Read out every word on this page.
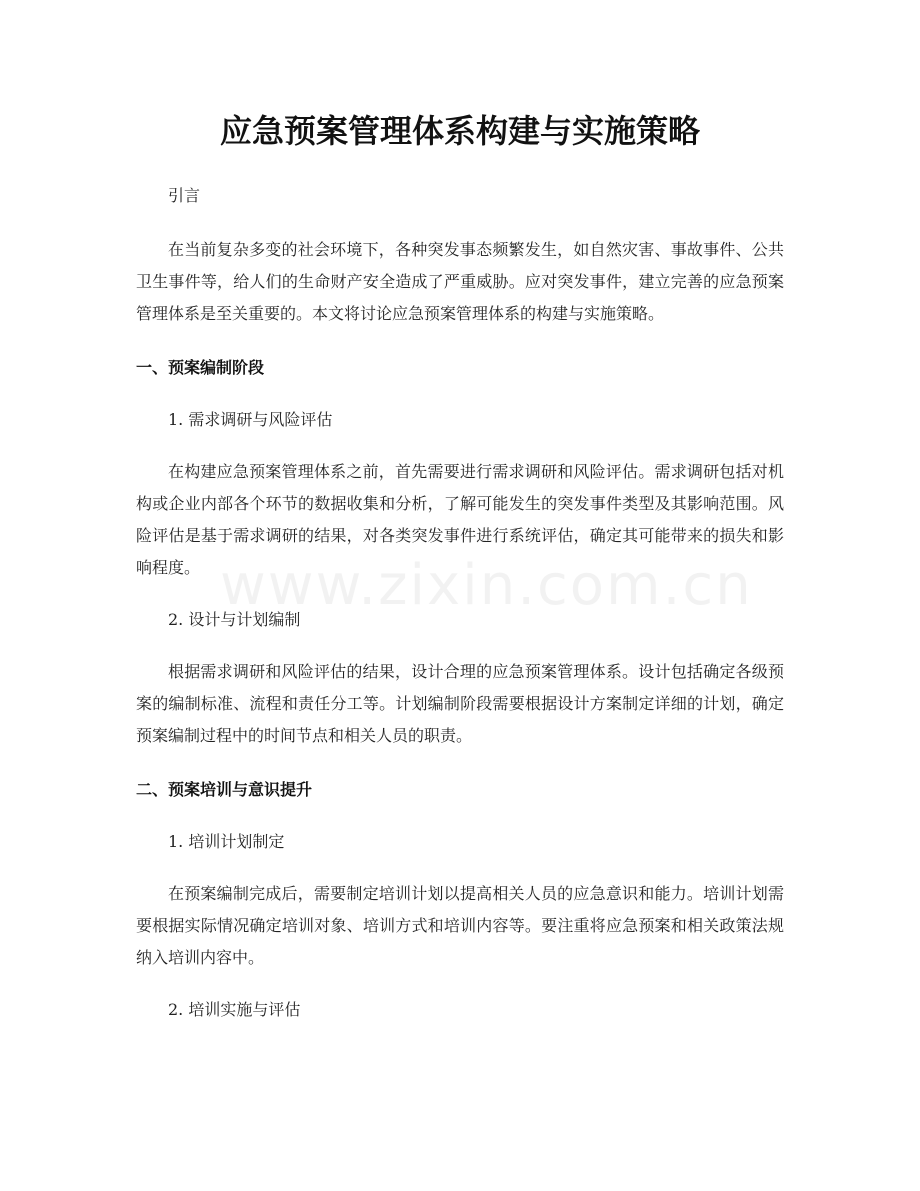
www.zixin.com.cn
应急预案管理体系构建与实施策略

引言

在当前复杂多变的社会环境下，各种突发事态频繁发生，如自然灾害、事故事件、公共卫生事件等，给人们的生命财产安全造成了严重威胁。应对突发事件，建立完善的应急预案管理体系是至关重要的。本文将讨论应急预案管理体系的构建与实施策略。

一、预案编制阶段

1. 需求调研与风险评估

在构建应急预案管理体系之前，首先需要进行需求调研和风险评估。需求调研包括对机构或企业内部各个环节的数据收集和分析，了解可能发生的突发事件类型及其影响范围。风险评估是基于需求调研的结果，对各类突发事件进行系统评估，确定其可能带来的损失和影响程度。

2. 设计与计划编制

根据需求调研和风险评估的结果，设计合理的应急预案管理体系。设计包括确定各级预案的编制标准、流程和责任分工等。计划编制阶段需要根据设计方案制定详细的计划，确定预案编制过程中的时间节点和相关人员的职责。

二、预案培训与意识提升

1. 培训计划制定

在预案编制完成后，需要制定培训计划以提高相关人员的应急意识和能力。培训计划需要根据实际情况确定培训对象、培训方式和培训内容等。要注重将应急预案和相关政策法规纳入培训内容中。

2. 培训实施与评估
